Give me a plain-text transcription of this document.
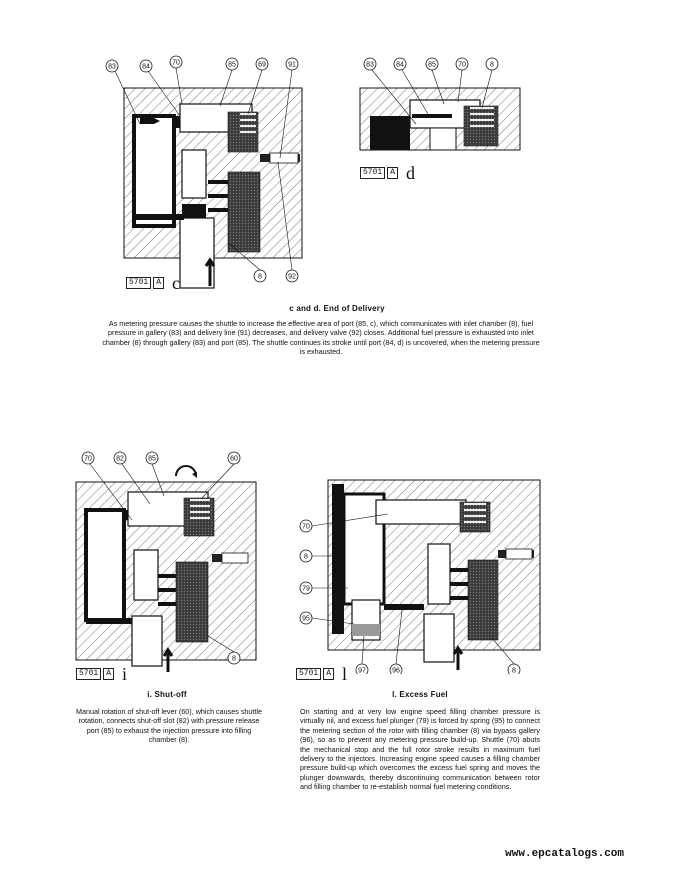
83	84
70	85	69	91
92
8
5701	A c
83	84	85	70	8
5701	A d
c and d. End of Delivery

As metering pressure causes the shuttle to increase the effective area of port (85, c), which communicates with inlet chamber (8), fuel pressure in gallery (83) and delivery line (91) decreases, and delivery valve (92) closes. Additional fuel pressure is exhausted into inlet chamber (8) through gallery (83) and port (85). The shuttle continues its stroke until port (84, d) is uncovered, when the metering pressure is exhausted.

70	82	85	60
8
5701	A i
70
8
79
95
97	96	8
5701	A l
i. Shut-off

Manual rotation of shut-off lever (60), which causes shuttle rotation, connects shut-off slot (82) with pressure release port (85) to exhaust the injection pressure into filling chamber (8).

l. Excess Fuel

On starting and at very low engine speed filling chamber pressure is virtually nil, and excess fuel plunger (79) is forced by spring (95) to connect the metering section of the rotor with filling chamber (8) via bypass gallery (96), so as to prevent any metering pressure build-up. Shuttle (70) abuts the mechanical stop and the full rotor stroke results in maximum fuel delivery to the injectors. Increasing engine speed causes a filling chamber pressure build-up which overcomes the excess fuel spring and moves the plunger downwards, thereby discontinuing communication between rotor and filling chamber to re-establish normal fuel metering conditions.

www.epcatalogs.com
